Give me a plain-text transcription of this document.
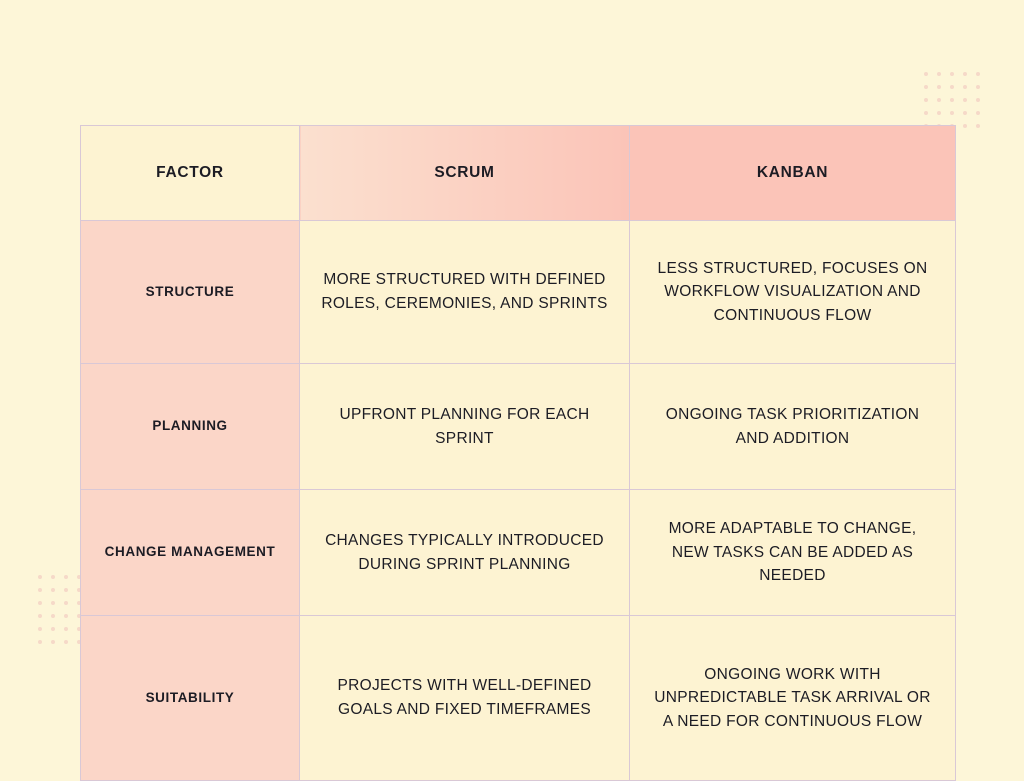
FACTOR	SCRUM	KANBAN
STRUCTURE	MORE STRUCTURED WITH DEFINED ROLES, CEREMONIES, AND SPRINTS	LESS STRUCTURED, FOCUSES ON WORKFLOW VISUALIZATION AND CONTINUOUS FLOW
PLANNING	UPFRONT PLANNING FOR EACH SPRINT	ONGOING TASK PRIORITIZATION AND ADDITION
CHANGE MANAGEMENT	CHANGES TYPICALLY INTRODUCED DURING SPRINT PLANNING	MORE ADAPTABLE TO CHANGE, NEW TASKS CAN BE ADDED AS NEEDED
SUITABILITY	PROJECTS WITH WELL-DEFINED GOALS AND FIXED TIMEFRAMES	ONGOING WORK WITH UNPREDICTABLE TASK ARRIVAL OR A NEED FOR CONTINUOUS FLOW
